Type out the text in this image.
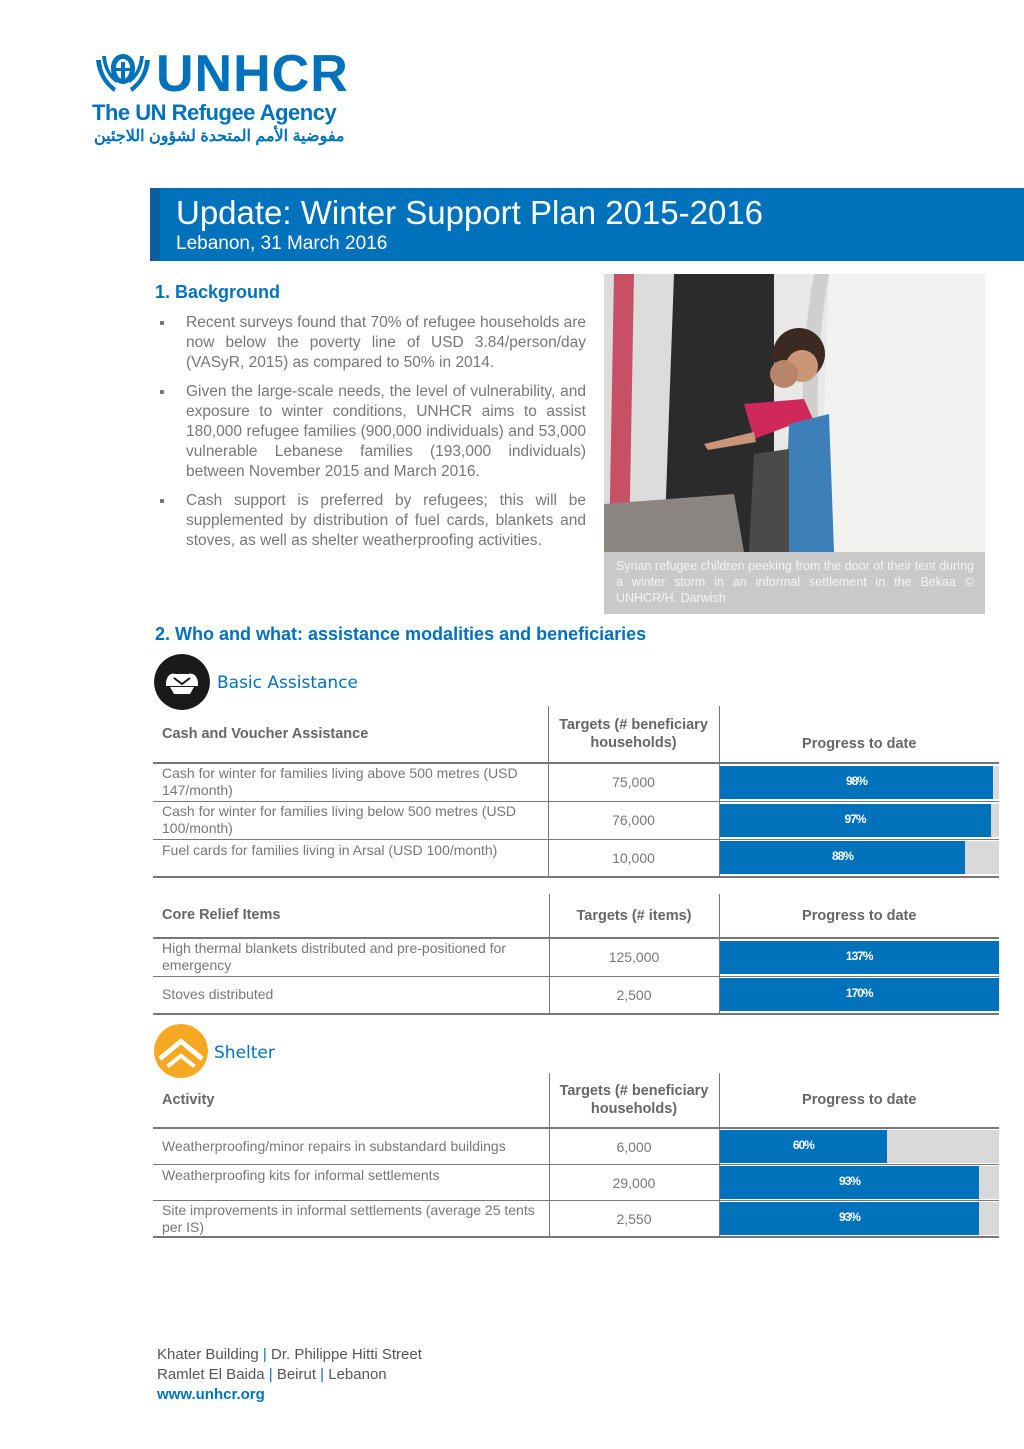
UNHCR
The UN Refugee Agency
مفوضية الأمم المتحدة لشؤون اللاجئين
Update: Winter Support Plan 2015-2016
Lebanon, 31 March 2016
1. Background
Recent surveys found that 70% of refugee households are now below the poverty line of USD 3.84/person/day (VASyR, 2015) as compared to 50% in 2014.
Given the large-scale needs, the level of vulnerability, and exposure to winter conditions, UNHCR aims to assist 180,000 refugee families (900,000 individuals) and 53,000 vulnerable Lebanese families (193,000 individuals) between November 2015 and March 2016.
Cash support is preferred by refugees; this will be supplemented by distribution of fuel cards, blankets and stoves, as well as shelter weatherproofing activities.
Syrian refugee children peeking from the door of their tent during a winter storm in an informal settlement in the Bekaa © UNHCR/H. Darwish
2. Who and what: assistance modalities and beneficiaries
Basic Assistance
Cash and Voucher Assistance	Targets (# beneficiary households)	Progress to date
Cash for winter for families living above 500 metres (USD 147/month)	75,000	98%

Cash for winter for families living below 500 metres (USD 100/month)	76,000	97%

Fuel cards for families living in Arsal (USD 100/month)	10,000	88%
Core Relief Items	Targets (# items)	Progress to date
High thermal blankets distributed and pre-positioned for emergency	125,000	137%

Stoves distributed	2,500	170%
Shelter
Activity	Targets (# beneficiary households)	Progress to date
Weatherproofing/minor repairs in substandard buildings	6,000	60%

Weatherproofing kits for informal settlements	29,000	93%

Site improvements in informal settlements (average 25 tents per IS)	2,550	93%
Khater Building | Dr. Philippe Hitti Street
Ramlet El Baida | Beirut | Lebanon
www.unhcr.org
